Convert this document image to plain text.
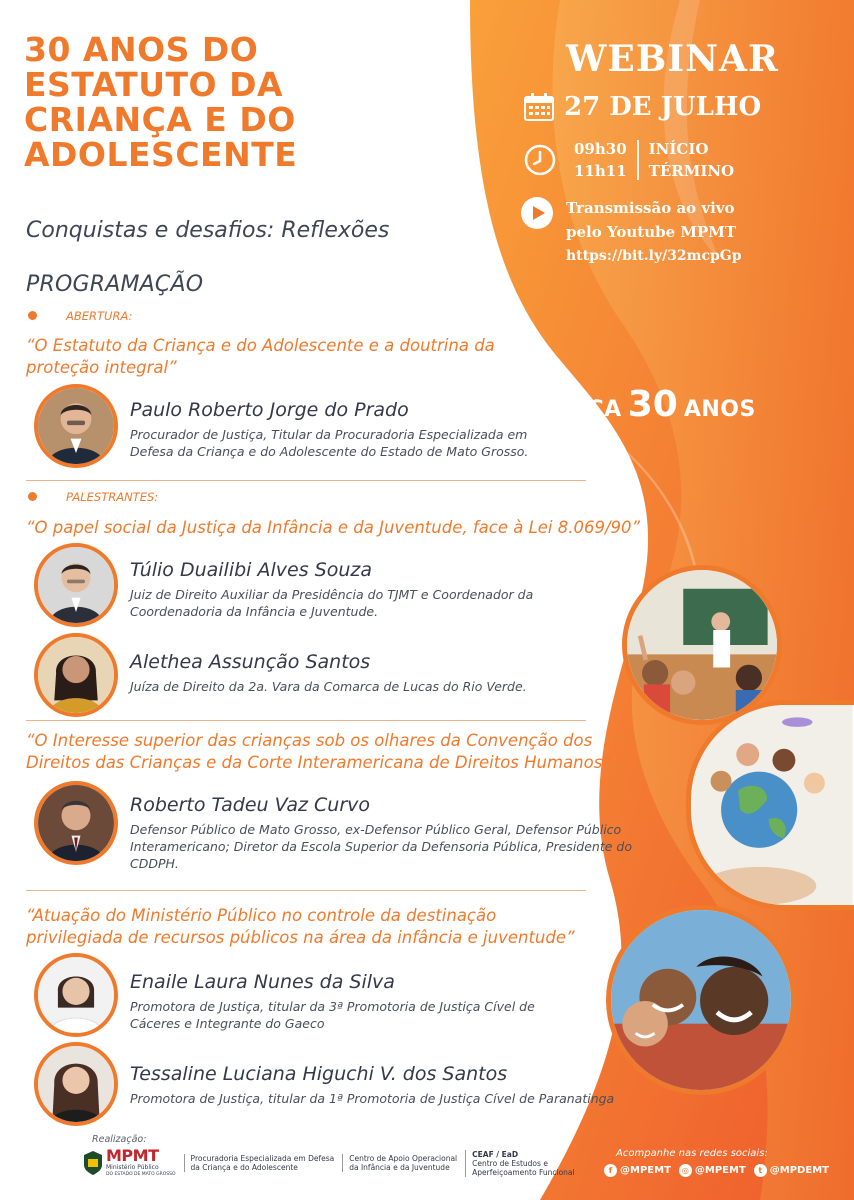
30 ANOS DO
ESTATUTO DA
CRIANÇA E DO
ADOLESCENTE
Conquistas e desafios: Reflexões
PROGRAMAÇÃO
ABERTURA:
“O Estatuto da Criança e do Adolescente e a doutrina da
proteção integral”
Paulo Roberto Jorge do Prado
Procurador de Justiça, Titular da Procuradoria Especializada em
Defesa da Criança e do Adolescente do Estado de Mato Grosso.
PALESTRANTES:
“O papel social da Justiça da Infância e da Juventude, face à Lei 8.069/90”
Túlio Duailibi Alves Souza
Juiz de Direito Auxiliar da Presidência do TJMT e Coordenador da
Coordenadoria da Infância e Juventude.
Alethea Assunção Santos
Juíza de Direito da 2a. Vara da Comarca de Lucas do Rio Verde.
“O Interesse superior das crianças sob os olhares da Convenção dos
Direitos das Crianças e da Corte Interamericana de Direitos Humanos”
Roberto Tadeu Vaz Curvo
Defensor Público de Mato Grosso, ex-Defensor Público Geral, Defensor Público
Interamericano; Diretor da Escola Superior da Defensoria Pública, Presidente do
CDDPH.
“Atuação do Ministério Público no controle da destinação
privilegiada de recursos públicos na área da infância e juventude”
Enaile Laura Nunes da Silva
Promotora de Justiça, titular da 3ª Promotoria de Justiça Cível de
Cáceres e Integrante do Gaeco
Tessaline Luciana Higuchi V. dos Santos
Promotora de Justiça, titular da 1ª Promotoria de Justiça Cível de Paranatinga
WEBINAR
27 DE JULHO
09h30
11h11
INÍCIO
TÉRMINO
Transmissão ao vivo
pelo Youtube MPMT
https://bit.ly/32mcpGp
ECA 30 ANOS
Realização:
MPMT
Ministério Público
DO ESTADO DE MATO GROSSO
Procuradoria Especializada em Defesa
da Criança e do Adolescente
Centro de Apoio Operacional
da Infância e da Juventude
CEAF / EaD
Centro de Estudos e
Aperfeiçoamento Funcional
Acompanhe nas redes sociais:
f @MPEMT	◎ @MPEMT	t @MPDEMT
